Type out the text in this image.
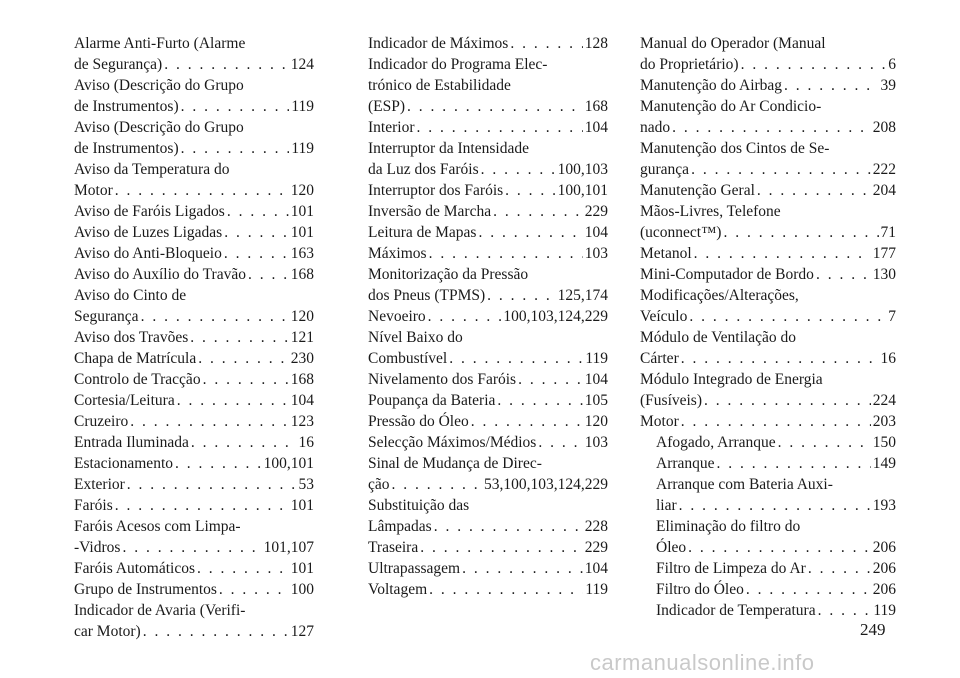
Alarme Anti-Furto (Alarme
de Segurança) . . .	124
Aviso (Descrição do Grupo
de Instrumentos) . . .	119
Aviso (Descrição do Grupo
de Instrumentos) . . .	119
Aviso da Temperatura do
Motor . . .	120
Aviso de Faróis Ligados . . .	101
Aviso de Luzes Ligadas . . .	101
Aviso do Anti-Bloqueio . . .	163
Aviso do Auxílio do Travão . . .	168
Aviso do Cinto de
Segurança . . .	120
Aviso dos Travões . . .	121
Chapa de Matrícula . . .	230
Controlo de Tracção . . .	168
Cortesia/Leitura . . .	104
Cruzeiro . . .	123
Entrada Iluminada . . .	16
Estacionamento . . .	100,101
Exterior . . .	53
Faróis . . .	101
Faróis Acesos com Limpa-
-Vidros . . .	101,107
Faróis Automáticos . . .	101
Grupo de Instrumentos . . .	100
Indicador de Avaria (Verifi-
car Motor) . . .	127
Indicador de Máximos . . .	128
Indicador do Programa Elec-
trónico de Estabilidade
(ESP) . . .	168
Interior . . .	104
Interruptor da Intensidade
da Luz dos Faróis . . .	100,103
Interruptor dos Faróis . . .	100,101
Inversão de Marcha . . .	229
Leitura de Mapas . . .	104
Máximos . . .	103
Monitorização da Pressão
dos Pneus (TPMS) . . .	125,174
Nevoeiro . . .	100,103,124,229
Nível Baixo do
Combustível . . .	119
Nivelamento dos Faróis . . .	104
Poupança da Bateria . . .	105
Pressão do Óleo . . .	120
Selecção Máximos/Médios . . .	103
Sinal de Mudança de Direc-
ção . . .	53,100,103,124,229
Substituição das
Lâmpadas . . .	228
Traseira . . .	229
Ultrapassagem . . .	104
Voltagem . . .	119
Manual do Operador (Manual
do Proprietário) . . .	6
Manutenção do Airbag . . .	39
Manutenção do Ar Condicio-
nado . . .	208
Manutenção dos Cintos de Se-
gurança . . .	222
Manutenção Geral . . .	204
Mãos-Livres, Telefone
(uconnect™) . . .	71
Metanol . . .	177
Mini-Computador de Bordo . . .	130
Modificações/Alterações,
Veículo . . .	7
Módulo de Ventilação do
Cárter . . .	16
Módulo Integrado de Energia
(Fusíveis) . . .	224
Motor . . .	203
Afogado, Arranque . . .	150
Arranque . . .	149
Arranque com Bateria Auxi-
liar . . .	193
Eliminação do filtro do
Óleo . . .	206
Filtro de Limpeza do Ar . . .	206
Filtro do Óleo . . .	206
Indicador de Temperatura . . .	119
249
carmanualsonline.info
